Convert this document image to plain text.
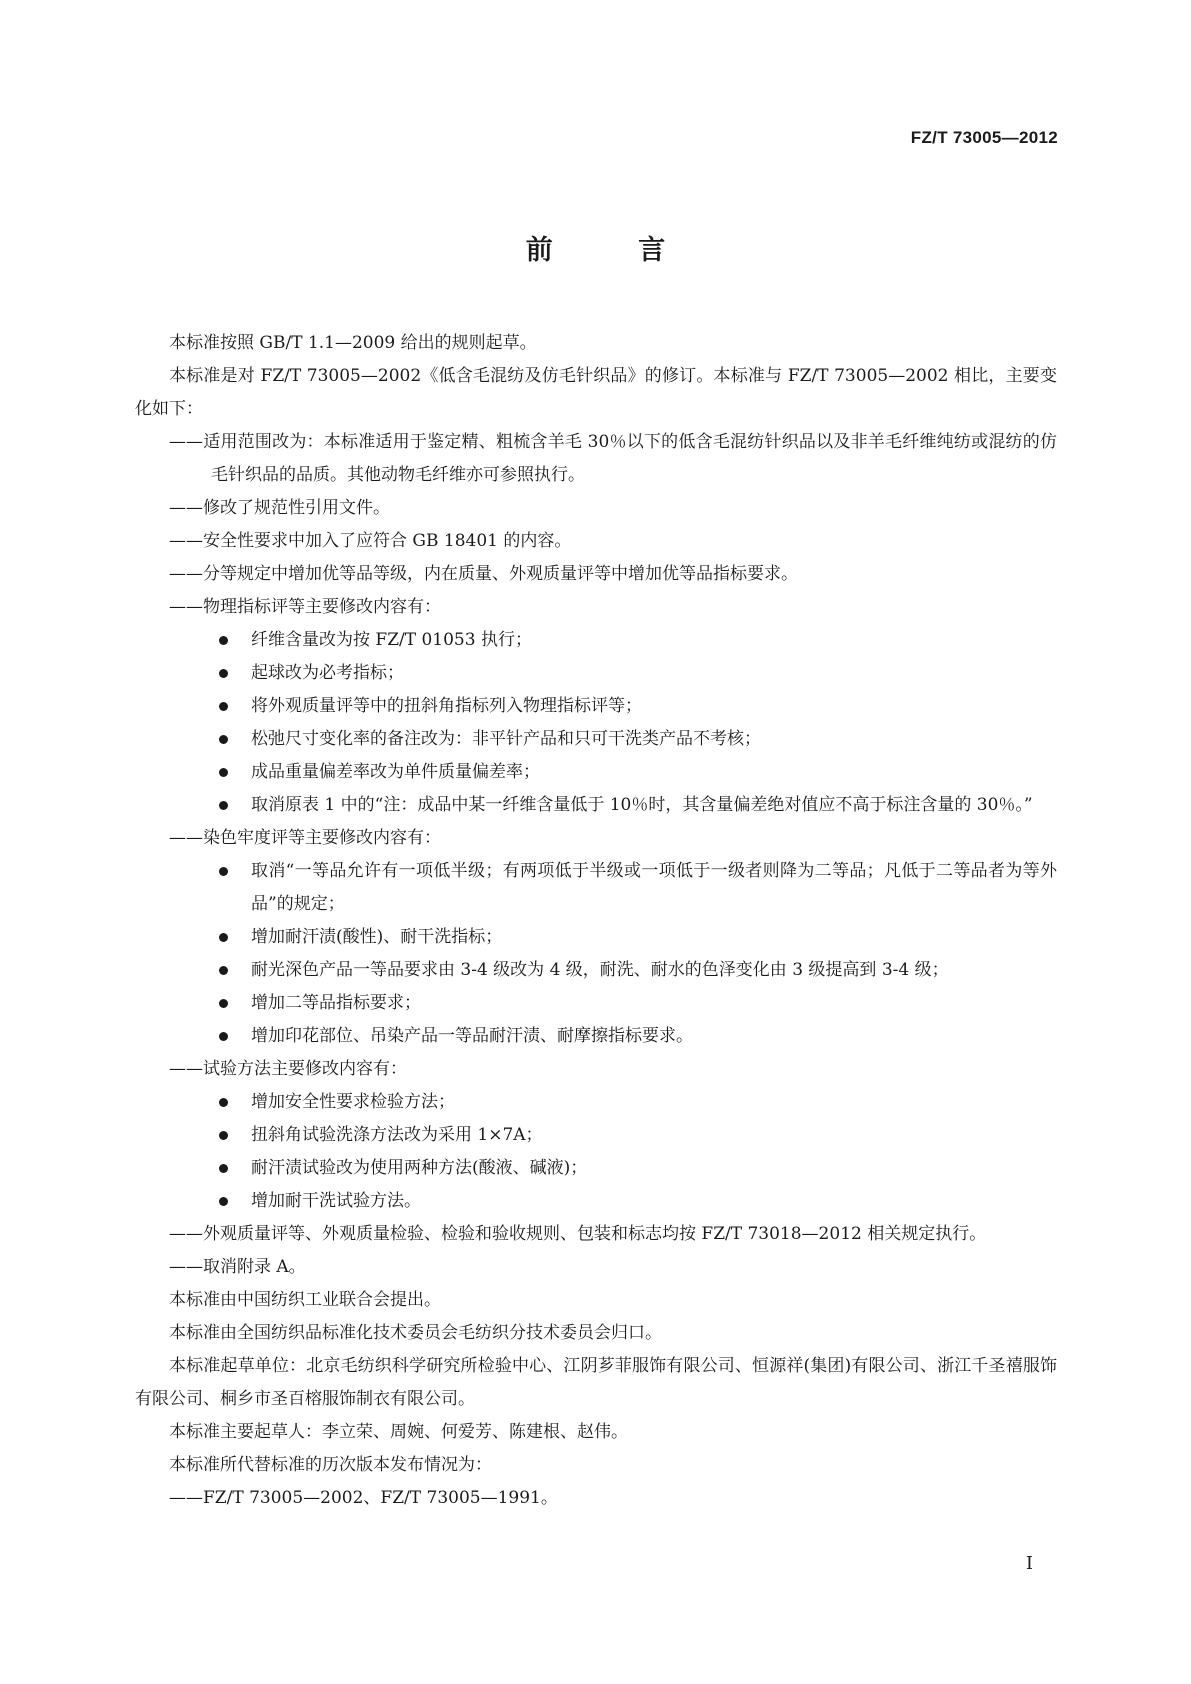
FZ/T 73005—2012
前 言

本标准按照 GB/T 1.1—2009 给出的规则起草。

本标准是对 FZ/T 73005—2002《低含毛混纺及仿毛针织品》的修订。本标准与 FZ/T 73005—2002 相比，主要变化如下：

——适用范围改为：本标准适用于鉴定精、粗梳含羊毛 30％以下的低含毛混纺针织品以及非羊毛纤维纯纺或混纺的仿毛针织品的品质。其他动物毛纤维亦可参照执行。

——修改了规范性引用文件。

——安全性要求中加入了应符合 GB 18401 的内容。

——分等规定中增加优等品等级，内在质量、外观质量评等中增加优等品指标要求。

——物理指标评等主要修改内容有：

纤维含量改为按 FZ/T 01053 执行；

起球改为必考指标；

将外观质量评等中的扭斜角指标列入物理指标评等；

松弛尺寸变化率的备注改为：非平针产品和只可干洗类产品不考核；

成品重量偏差率改为单件质量偏差率；

取消原表 1 中的“注：成品中某一纤维含量低于 10％时，其含量偏差绝对值应不高于标注含量的 30％。”

——染色牢度评等主要修改内容有：

取消“一等品允许有一项低半级；有两项低于半级或一项低于一级者则降为二等品；凡低于二等品者为等外品”的规定；

增加耐汗渍(酸性)、耐干洗指标；

耐光深色产品一等品要求由 3-4 级改为 4 级，耐洗、耐水的色泽变化由 3 级提高到 3-4 级；

增加二等品指标要求；

增加印花部位、吊染产品一等品耐汗渍、耐摩擦指标要求。

——试验方法主要修改内容有：

增加安全性要求检验方法；

扭斜角试验洗涤方法改为采用 1×7A；

耐汗渍试验改为使用两种方法(酸液、碱液)；

增加耐干洗试验方法。

——外观质量评等、外观质量检验、检验和验收规则、包装和标志均按 FZ/T 73018—2012 相关规定执行。

——取消附录 A。

本标准由中国纺织工业联合会提出。

本标准由全国纺织品标准化技术委员会毛纺织分技术委员会归口。

本标准起草单位：北京毛纺织科学研究所检验中心、江阴芗菲服饰有限公司、恒源祥(集团)有限公司、浙江千圣禧服饰有限公司、桐乡市圣百榕服饰制衣有限公司。

本标准主要起草人：李立荣、周婉、何爱芳、陈建根、赵伟。

本标准所代替标准的历次版本发布情况为：

——FZ/T 73005—2002、FZ/T 73005—1991。

I
